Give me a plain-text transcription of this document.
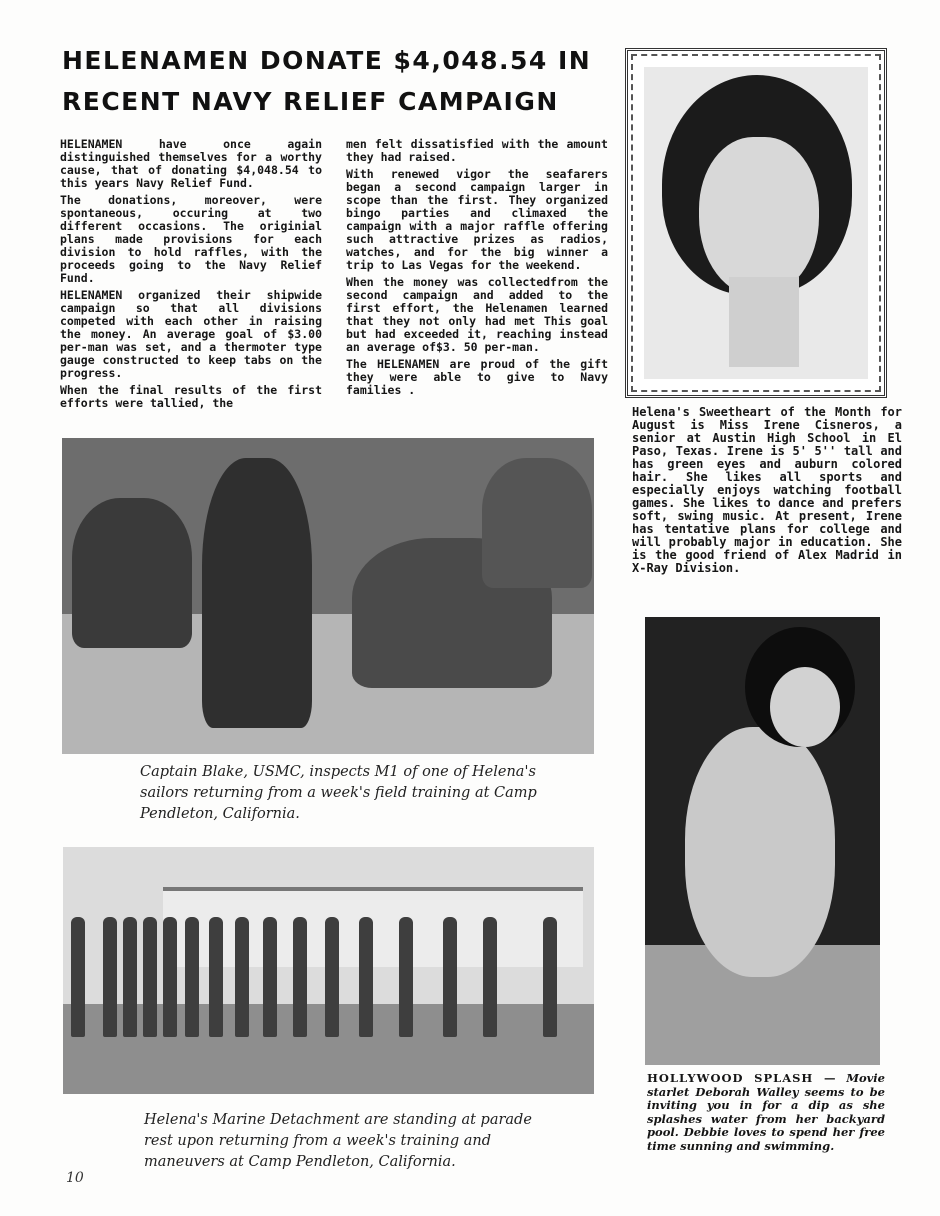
HELENAMEN DONATE $4,048.54 IN
RECENT NAVY RELIEF CAMPAIGN

HELENAMEN have once again distinguished themselves for a worthy cause, that of donating $4,048.54 to this years Navy Relief Fund.

The donations, moreover, were spontaneous, occuring at two different occasions. The originial plans made provisions for each division to hold raffles, with the proceeds going to the Navy Relief Fund.

HELENAMEN organized their shipwide campaign so that all divisions competed with each other in raising the money. An average goal of $3.00 per-man was set, and a thermoter type gauge constructed to keep tabs on the progress.

When the final results of the first efforts were tallied, the

men felt dissatisfied with the amount they had raised.

With renewed vigor the seafarers began a second campaign larger in scope than the first. They organized bingo parties and climaxed the campaign with a major raffle offering such attractive prizes as radios, watches, and for the big winner a trip to Las Vegas for the weekend.

When the money was collectedfrom the second campaign and added to the first effort, the Helenamen learned that they not only had met This goal but had exceeded it, reaching instead an average of$3. 50 per-man.

The HELENAMEN are proud of the gift they were able to give to Navy families .

Helena's Sweetheart of the Month for August is Miss Irene Cisneros, a senior at Austin High School in El Paso, Texas. Irene is 5' 5'' tall and has green eyes and auburn colored hair. She likes all sports and especially enjoys watching football games. She likes to dance and prefers soft, swing music. At present, Irene has tentative plans for college and will probably major in education. She is the good friend of Alex Madrid in X-Ray Division.
Captain Blake, USMC, inspects M1 of one of Helena's sailors returning from a week's field training at Camp Pendleton, California.
Helena's Marine Detachment are standing at parade rest upon returning from a week's training and maneuvers at Camp Pendleton, California.
HOLLYWOOD SPLASH — Movie starlet Deborah Walley seems to be inviting you in for a dip as she splashes water from her backyard pool. Debbie loves to spend her free time sunning and swimming.
10
